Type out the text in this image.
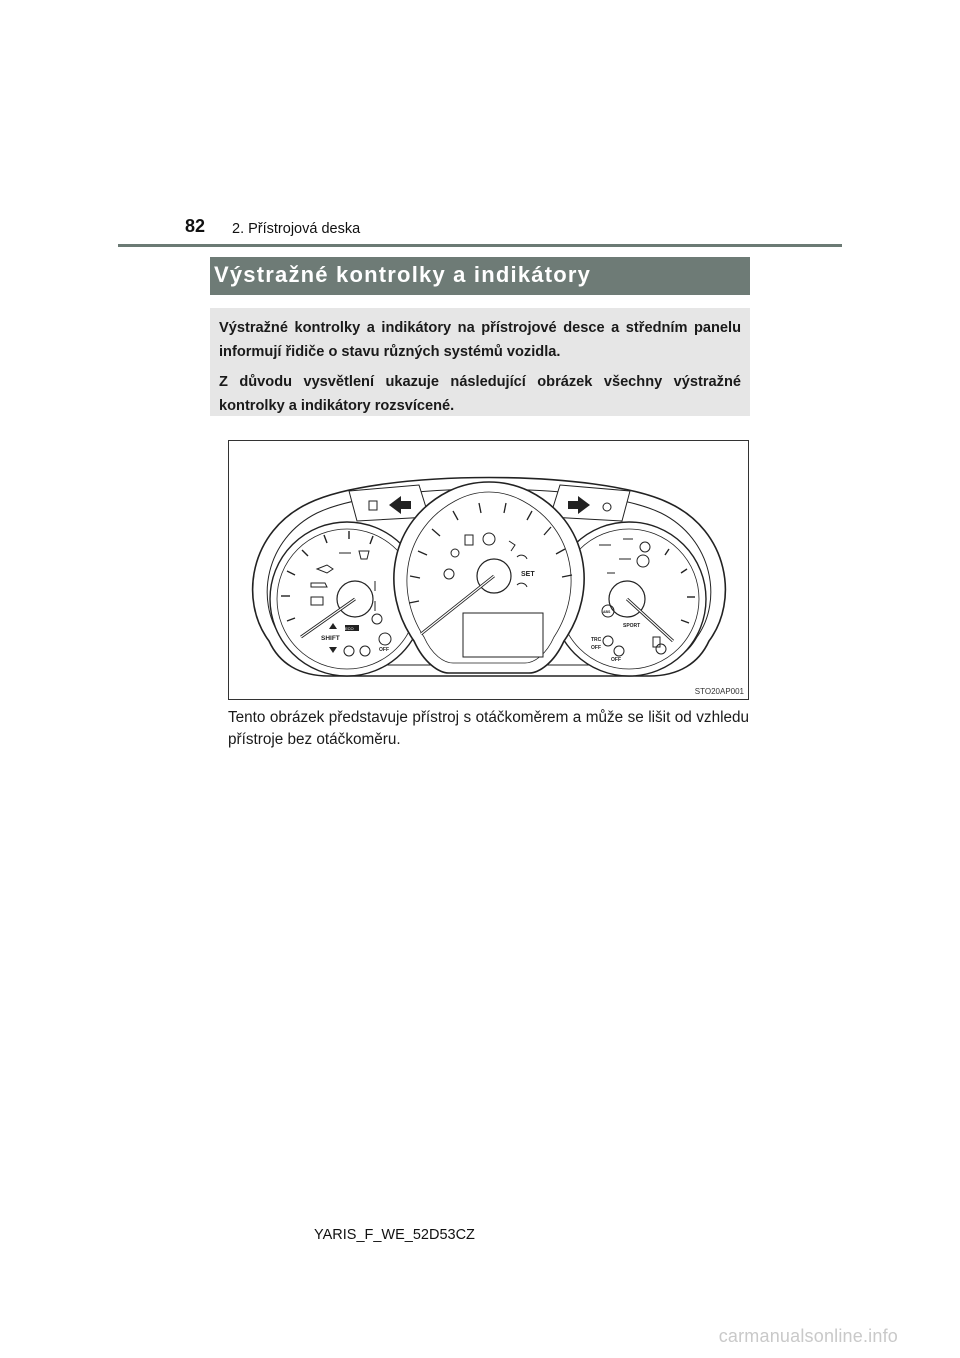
82 2. Přístrojová deska
Výstražné kontrolky a indikátory

Výstražné kontrolky a indikátory na přístrojové desce a středním panelu informují řidiče o stavu různých systémů vozidla.

Z důvodu vysvětlení ukazuje následující obrázek všechny výstražné kontrolky a indikátory rozsvícené.

ECO
SHIFT
OFF
SET
ABS
SPORT
TRC
OFF
OFF
STO20AP001

Tento obrázek představuje přístroj s otáčkoměrem a může se lišit od vzhledu přístroje bez otáčkoměru.

YARIS_F_WE_52D53CZ
carmanualsonline.info
